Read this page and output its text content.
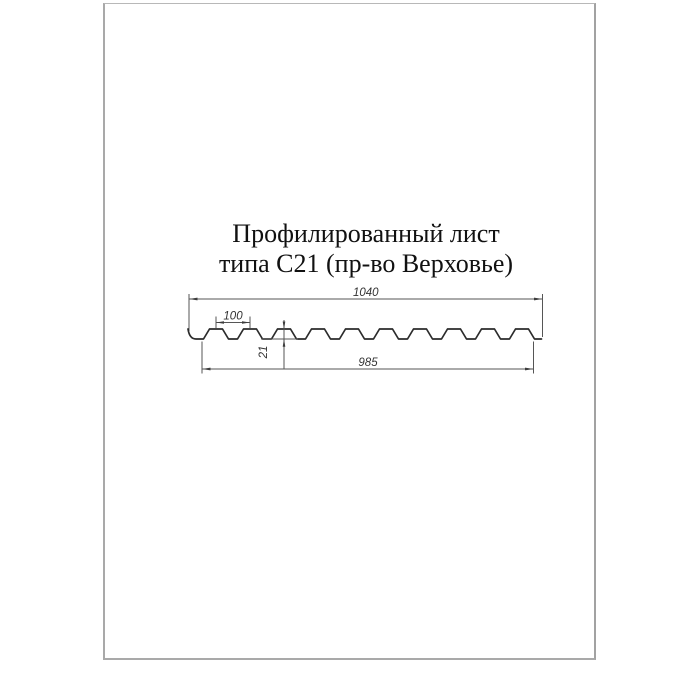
Профилированный лист
типа С21 (пр-во Верховье)
1040
100
21
985
